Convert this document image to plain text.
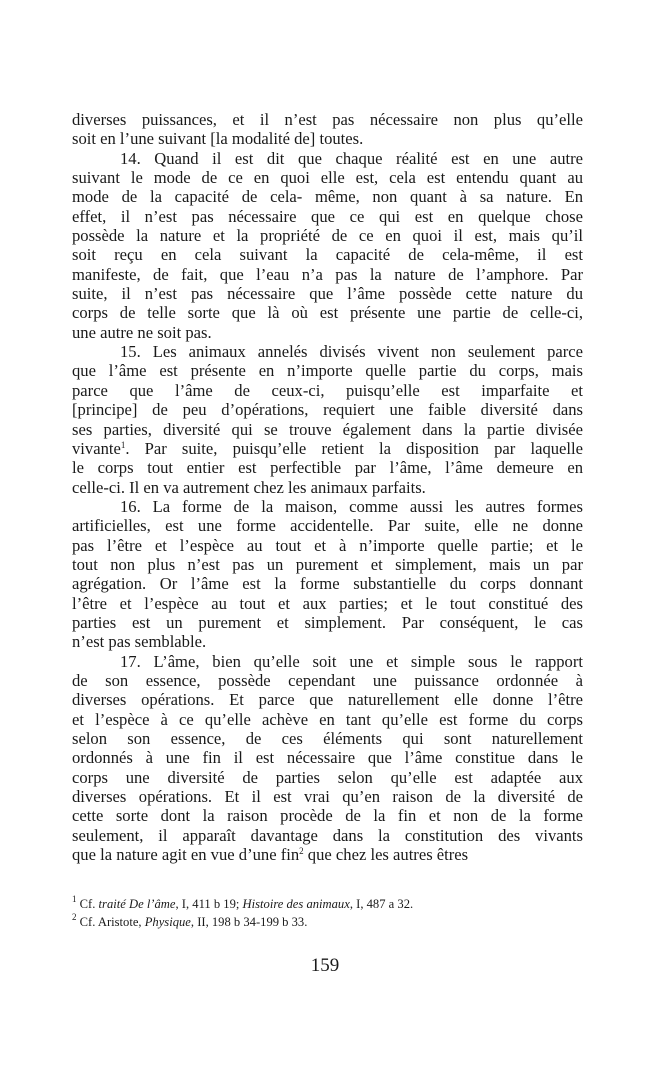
diverses puissances, et il n’est pas nécessaire non plus qu’elle
soit en l’une suivant [la modalité de] toutes.
14. Quand il est dit que chaque réalité est en une autre
suivant le mode de ce en quoi elle est, cela est entendu quant au
mode de la capacité de cela- même, non quant à sa nature. En
effet, il n’est pas nécessaire que ce qui est en quelque chose
possède la nature et la propriété de ce en quoi il est, mais qu’il
soit reçu en cela suivant la capacité de cela-même, il est
manifeste, de fait, que l’eau n’a pas la nature de l’amphore. Par
suite, il n’est pas nécessaire que l’âme possède cette nature du
corps de telle sorte que là où est présente une partie de celle-ci,
une autre ne soit pas.
15. Les animaux annelés divisés vivent non seulement parce
que l’âme est présente en n’importe quelle partie du corps, mais
parce que l’âme de ceux-ci, puisqu’elle est imparfaite et
[principe] de peu d’opérations, requiert une faible diversité dans
ses parties, diversité qui se trouve également dans la partie divisée
vivante$^1$. Par suite, puisqu’elle retient la disposition par laquelle
le corps tout entier est perfectible par l’âme, l’âme demeure en
celle-ci. Il en va autrement chez les animaux parfaits.
16. La forme de la maison, comme aussi les autres formes
artificielles, est une forme accidentelle. Par suite, elle ne donne
pas l’être et l’espèce au tout et à n’importe quelle partie; et le
tout non plus n’est pas un purement et simplement, mais un par
agrégation. Or l’âme est la forme substantielle du corps donnant
l’être et l’espèce au tout et aux parties; et le tout constitué des
parties est un purement et simplement. Par conséquent, le cas
n’est pas semblable.
17. L’âme, bien qu’elle soit une et simple sous le rapport
de son essence, possède cependant une puissance ordonnée à
diverses opérations. Et parce que naturellement elle donne l’être
et l’espèce à ce qu’elle achève en tant qu’elle est forme du corps
selon son essence, de ces éléments qui sont naturellement
ordonnés à une fin il est nécessaire que l’âme constitue dans le
corps une diversité de parties selon qu’elle est adaptée aux
diverses opérations. Et il est vrai qu’en raison de la diversité de
cette sorte dont la raison procède de la fin et non de la forme
seulement, il apparaît davantage dans la constitution des vivants
que la nature agit en vue d’une fin$^2$ que chez les autres êtres
$^1$ Cf. traité De l’âme, I, 411 b 19; Histoire des animaux, I, 487 a 32.
$^2$ Cf. Aristote, Physique, II, 198 b 34-199 b 33.
159
